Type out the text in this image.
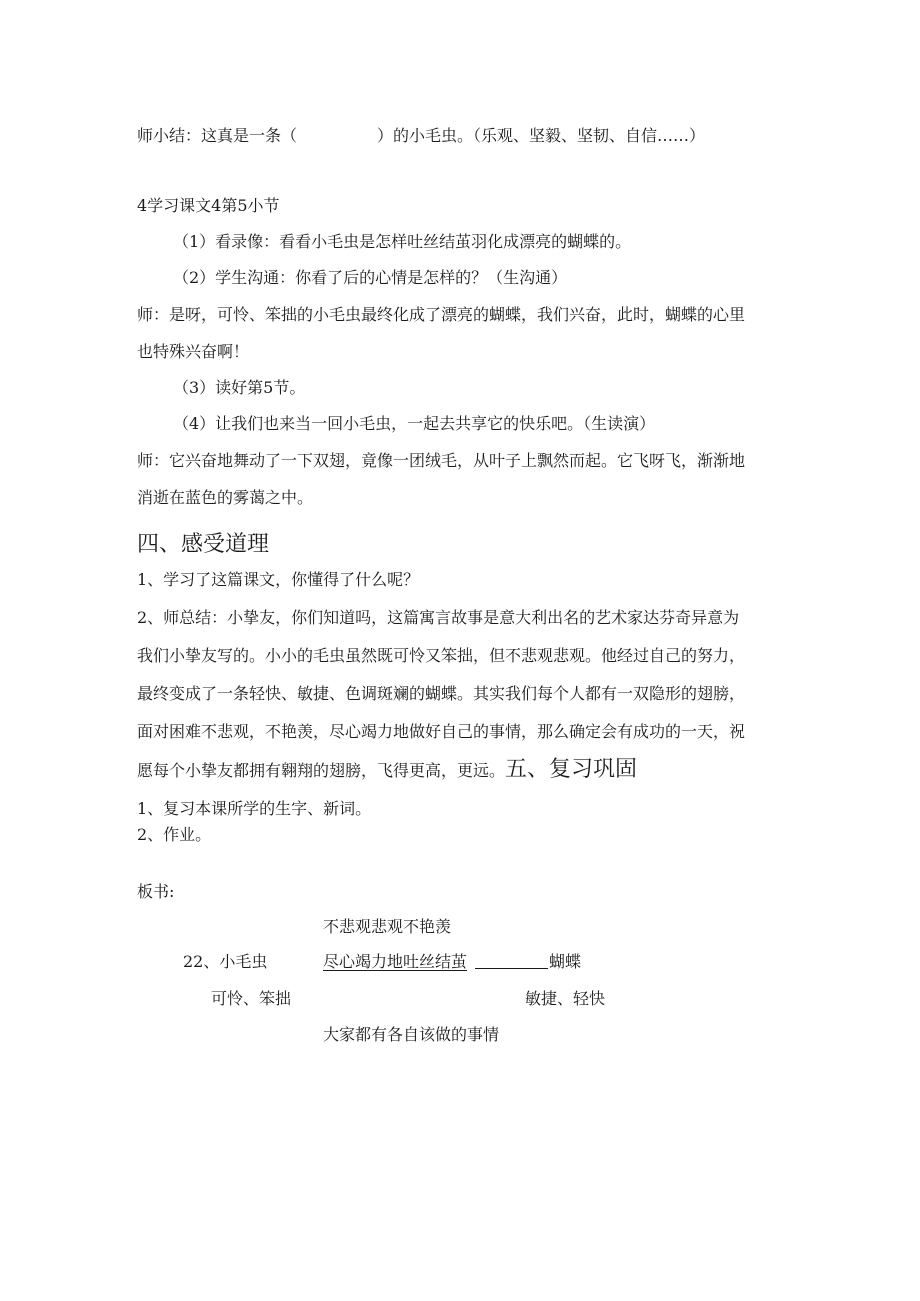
师小结：这真是一条（　　　　　）的小毛虫。（乐观、坚毅、坚韧、自信……）
4学习课文4第5小节
（1）看录像：看看小毛虫是怎样吐丝结茧羽化成漂亮的蝴蝶的。
（2）学生沟通：你看了后的心情是怎样的？（生沟通）
师：是呀，可怜、笨拙的小毛虫最终化成了漂亮的蝴蝶，我们兴奋，此时，蝴蝶的心里
也特殊兴奋啊！
（3）读好第5节。
（4）让我们也来当一回小毛虫，一起去共享它的快乐吧。（生读演）
师：它兴奋地舞动了一下双翅，竟像一团绒毛，从叶子上飘然而起。它飞呀飞，渐渐地
消逝在蓝色的雾蔼之中。
四、感受道理
1、学习了这篇课文，你懂得了什么呢？
2、师总结：小挚友，你们知道吗，这篇寓言故事是意大利出名的艺术家达芬奇异意为
我们小挚友写的。小小的毛虫虽然既可怜又笨拙，但不悲观悲观。他经过自己的努力，
最终变成了一条轻快、敏捷、色调斑斓的蝴蝶。其实我们每个人都有一双隐形的翅膀，
面对困难不悲观，不艳羡，尽心竭力地做好自己的事情，那么确定会有成功的一天，祝
愿每个小挚友都拥有翱翔的翅膀，飞得更高，更远。五、复习巩固
1、复习本课所学的生字、新词。
2、作业。
板书:
不悲观悲观不艳羡
22、小毛虫	尽心竭力地吐丝结茧	蝴蝶
可怜、笨拙	敏捷、轻快
大家都有各自该做的事情
